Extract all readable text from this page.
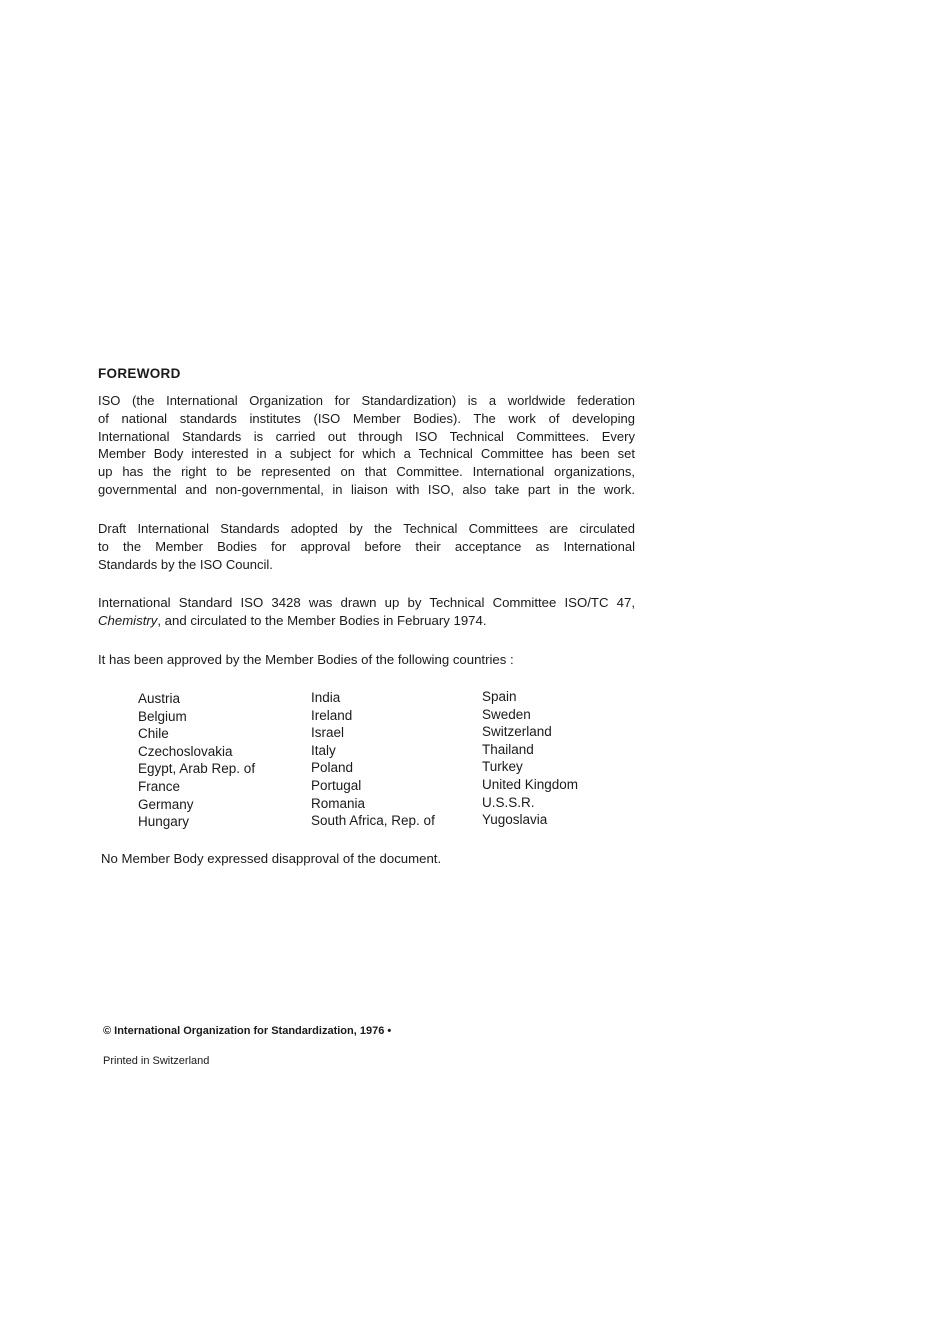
FOREWORD
ISO (the International Organization for Standardization) is a worldwide federation
of national standards institutes (ISO Member Bodies). The work of developing
International Standards is carried out through ISO Technical Committees. Every
Member Body interested in a subject for which a Technical Committee has been set
up has the right to be represented on that Committee. International organizations,
governmental and non-governmental, in liaison with ISO, also take part in the work.
Draft International Standards adopted by the Technical Committees are circulated
to the Member Bodies for approval before their acceptance as International
Standards by the ISO Council.
International Standard ISO 3428 was drawn up by Technical Committee ISO/TC 47,
Chemistry, and circulated to the Member Bodies in February 1974.
It has been approved by the Member Bodies of the following countries :
Austria
Belgium
Chile
Czechoslovakia
Egypt, Arab Rep. of
France
Germany
Hungary
India
Ireland
Israel
Italy
Poland
Portugal
Romania
South Africa, Rep. of
Spain
Sweden
Switzerland
Thailand
Turkey
United Kingdom
U.S.S.R.
Yugoslavia
No Member Body expressed disapproval of the document.
© International Organization for Standardization, 1976 •
Printed in Switzerland
